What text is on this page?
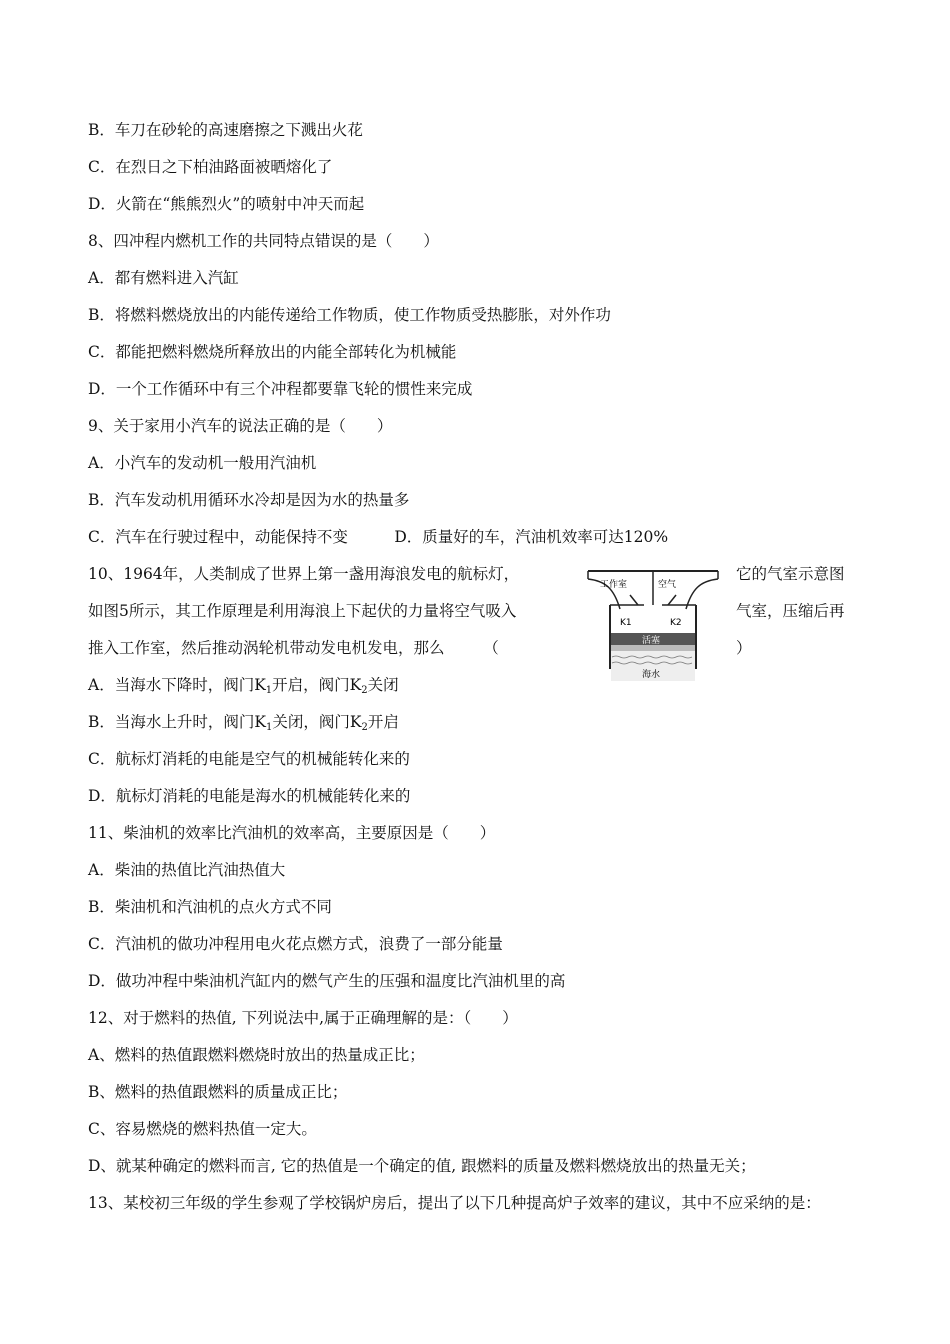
B．车刀在砂轮的高速磨擦之下溅出火花
C．在烈日之下柏油路面被晒熔化了
D．火箭在“熊熊烈火”的喷射中冲天而起
8、四冲程内燃机工作的共同特点错误的是（　　）
A．都有燃料进入汽缸
B．将燃料燃烧放出的内能传递给工作物质，使工作物质受热膨胀，对外作功
C．都能把燃料燃烧所释放出的内能全部转化为机械能
D．一个工作循环中有三个冲程都要靠飞轮的惯性来完成
9、关于家用小汽车的说法正确的是（　　）
A．小汽车的发动机一般用汽油机
B．汽车发动机用循环水冷却是因为水的热量多
C．汽车在行驶过程中，动能保持不变　　　D．质量好的车，汽油机效率可达120%
10、1964年，人类制成了世界上第一盏用海浪发电的航标灯，	它的气室示意图
如图5所示，其工作原理是利用海浪上下起伏的力量将空气吸入	气室，压缩后再
推入工作室，然后推动涡轮机带动发电机发电，那么　　　（	）
A．当海水下降时，阀门$K_1$开启，阀门$K_2$关闭
B．当海水上升时，阀门$K_1$关闭，阀门$K_2$开启
C．航标灯消耗的电能是空气的机械能转化来的
D．航标灯消耗的电能是海水的机械能转化来的
11、柴油机的效率比汽油机的效率高，主要原因是（　　）
A．柴油的热值比汽油热值大
B．柴油机和汽油机的点火方式不同
C．汽油机的做功冲程用电火花点燃方式，浪费了一部分能量
D．做功冲程中柴油机汽缸内的燃气产生的压强和温度比汽油机里的高
12、对于燃料的热值, 下列说法中,属于正确理解的是：（　　）
A、燃料的热值跟燃料燃烧时放出的热量成正比；
B、燃料的热值跟燃料的质量成正比；
C、容易燃烧的燃料热值一定大。
D、就某种确定的燃料而言, 它的热值是一个确定的值, 跟燃料的质量及燃料燃烧放出的热量无关；
13、某校初三年级的学生参观了学校锅炉房后，提出了以下几种提高炉子效率的建议，其中不应采纳的是：
工作室	空气
K1	K2
活塞
海水
